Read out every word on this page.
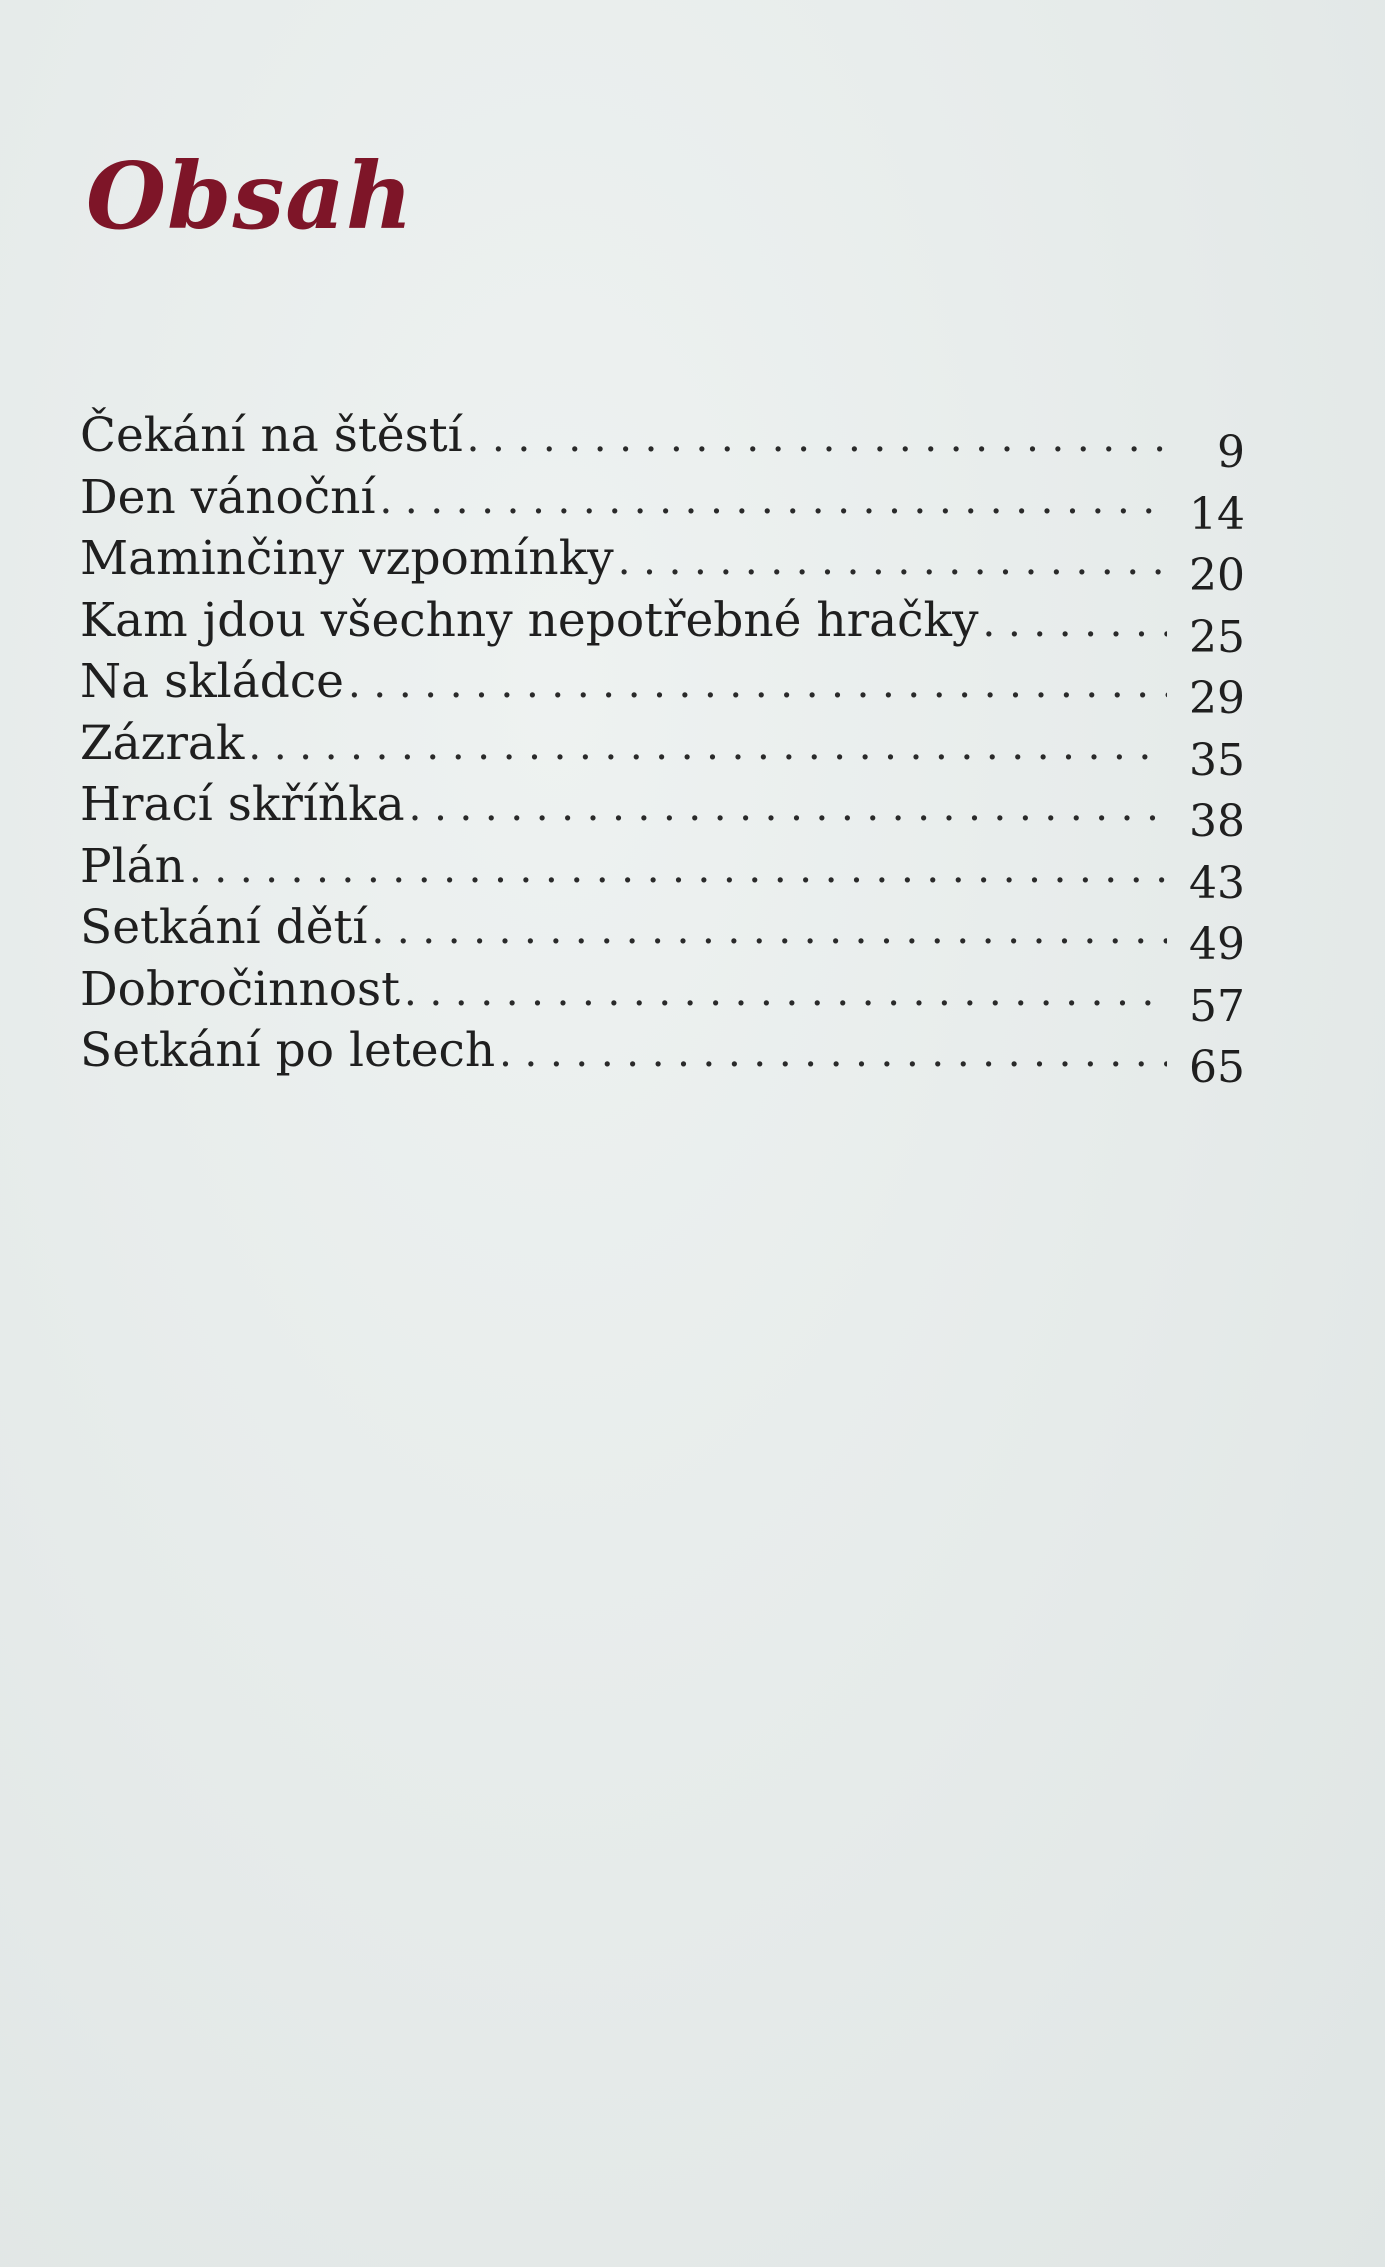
Obsah
Čekání na štěstí . . .	9
Den vánoční . . .	14
Maminčiny vzpomínky . . .	20
Kam jdou všechny nepotřebné hračky . . .	25
Na skládce . . .	29
Zázrak . . .	35
Hrací skříňka . . .	38
Plán . . .	43
Setkání dětí . . .	49
Dobročinnost . . .	57
Setkání po letech . . .	65
